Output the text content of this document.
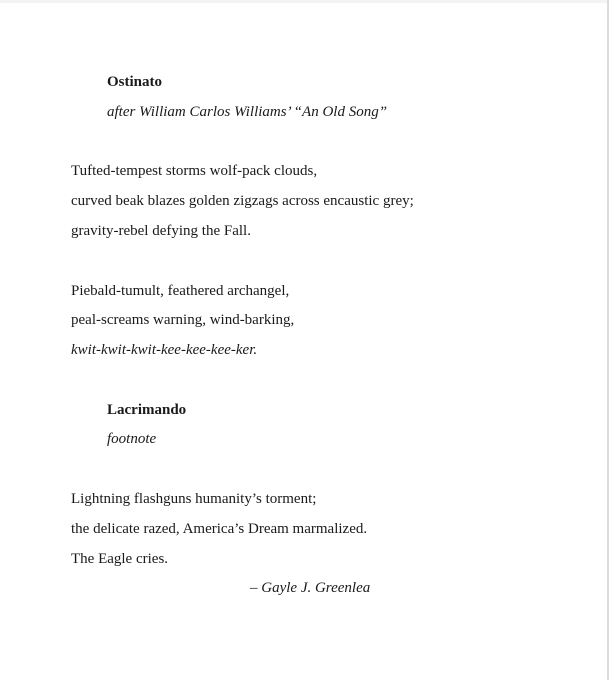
Ostinato
after William Carlos Williams’ “An Old Song”
Tufted-tempest storms wolf-pack clouds,
curved beak blazes golden zigzags across encaustic grey;
gravity-rebel defying the Fall.
Piebald-tumult, feathered archangel,
peal-screams warning, wind-barking,
kwit-kwit-kwit-kee-kee-kee-ker.
Lacrimando
footnote
Lightning flashguns humanity’s torment;
the delicate razed, America’s Dream marmalized.
The Eagle cries.
– Gayle J. Greenlea
